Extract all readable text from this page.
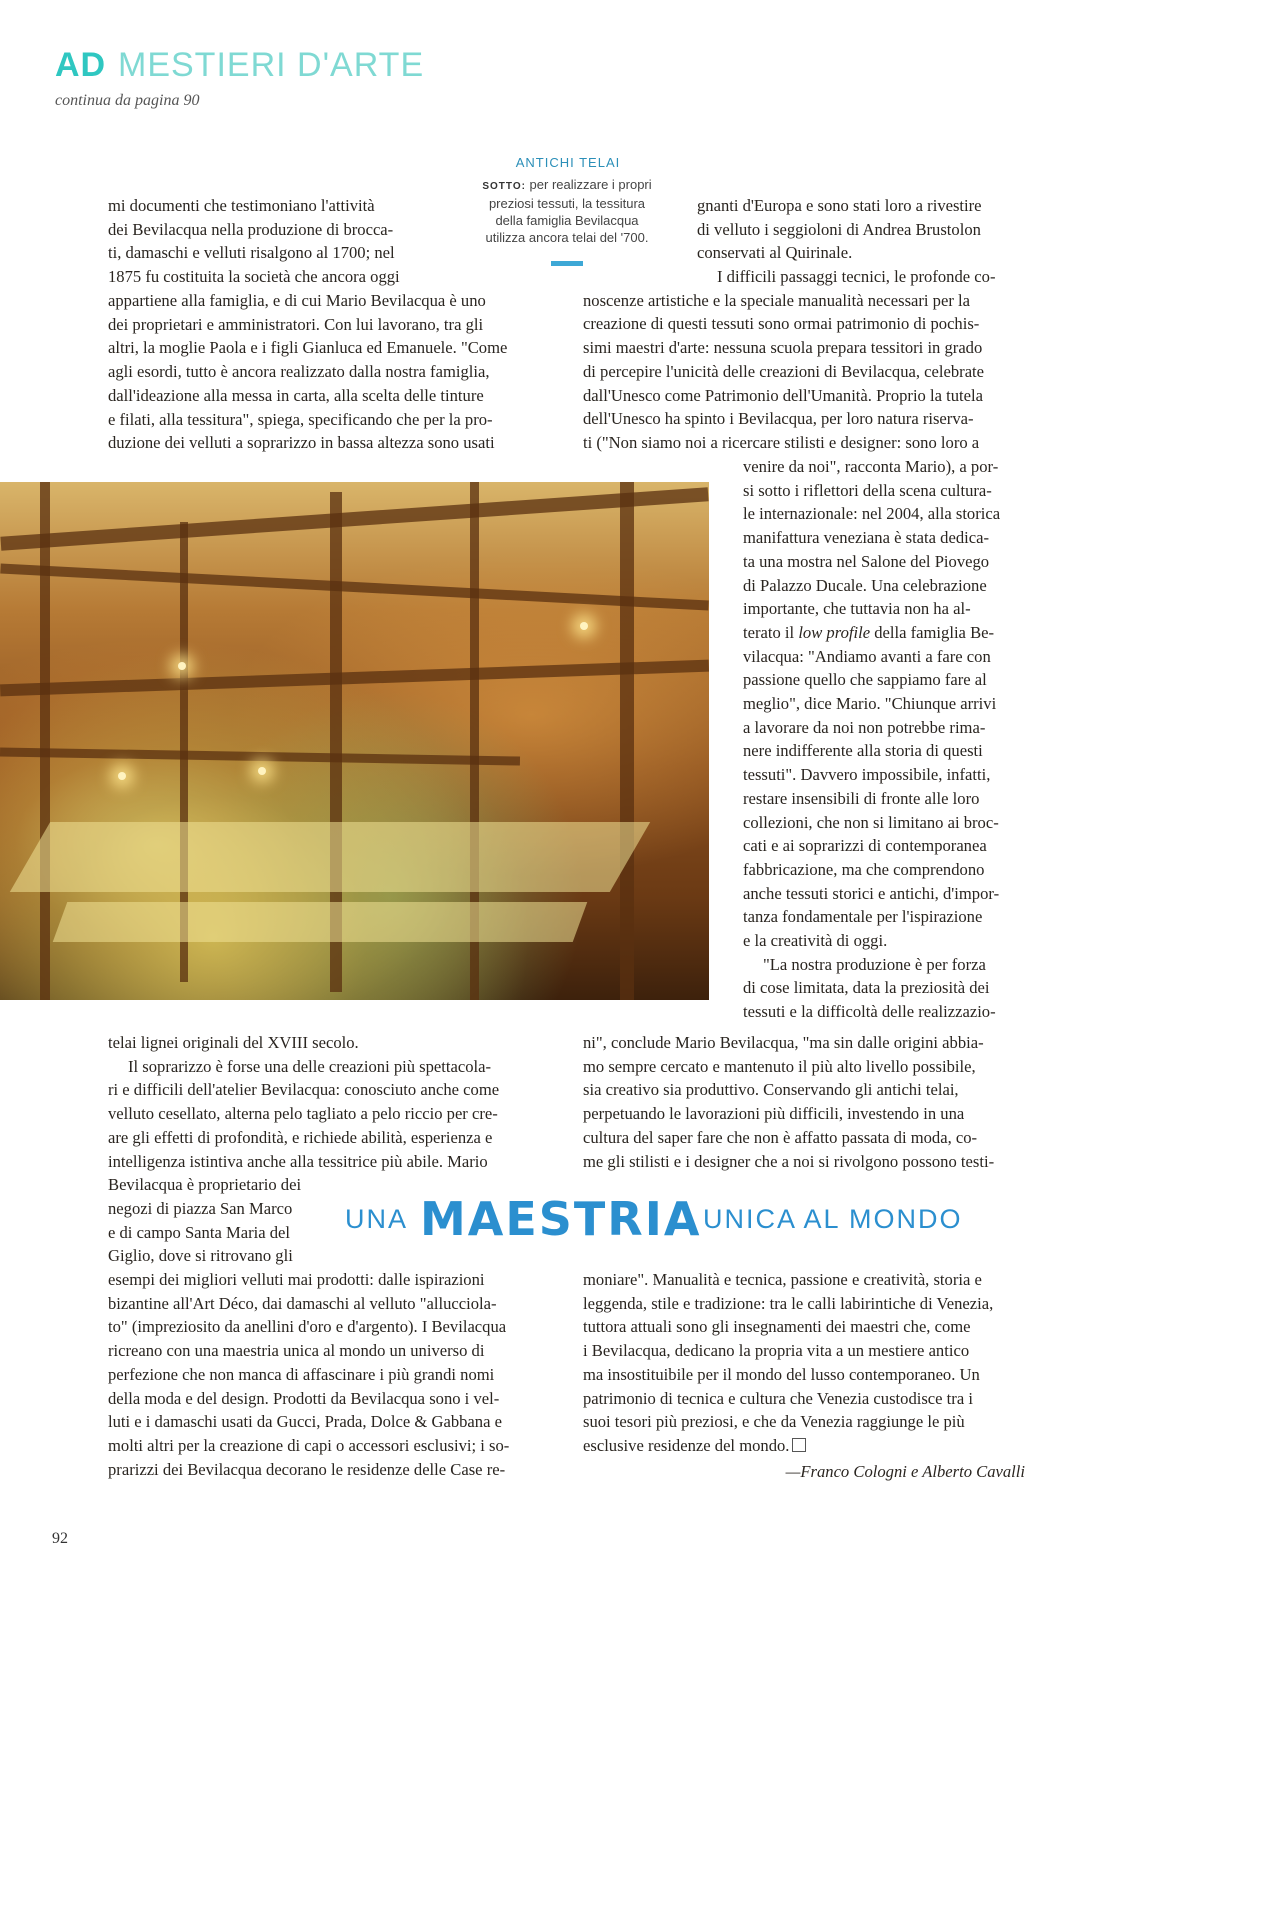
AD MESTIERI D'ARTE
continua da pagina 90
ANTICHI TELAI
SOTTO: per realizzare i propri
preziosi tessuti, la tessitura
della famiglia Bevilacqua
utilizza ancora telai del '700.
mi documenti che testimoniano l'attività
dei Bevilacqua nella produzione di brocca-
ti, damaschi e velluti risalgono al 1700; nel
1875 fu costituita la società che ancora oggi
appartiene alla famiglia, e di cui Mario Bevilacqua è uno
dei proprietari e amministratori. Con lui lavorano, tra gli
altri, la moglie Paola e i figli Gianluca ed Emanuele. "Come
agli esordi, tutto è ancora realizzato dalla nostra famiglia,
dall'ideazione alla messa in carta, alla scelta delle tinture
e filati, alla tessitura", spiega, specificando che per la pro-
duzione dei velluti a soprarizzo in bassa altezza sono usati
gnanti d'Europa e sono stati loro a rivestire
di velluto i seggioloni di Andrea Brustolon
conservati al Quirinale.
I difficili passaggi tecnici, le profonde co-
noscenze artistiche e la speciale manualità necessari per la
creazione di questi tessuti sono ormai patrimonio di pochis-
simi maestri d'arte: nessuna scuola prepara tessitori in grado
di percepire l'unicità delle creazioni di Bevilacqua, celebrate
dall'Unesco come Patrimonio dell'Umanità. Proprio la tutela
dell'Unesco ha spinto i Bevilacqua, per loro natura riserva-
ti ("Non siamo noi a ricercare stilisti e designer: sono loro a
venire da noi", racconta Mario), a por-
si sotto i riflettori della scena cultura-
le internazionale: nel 2004, alla storica
manifattura veneziana è stata dedica-
ta una mostra nel Salone del Piovego
di Palazzo Ducale. Una celebrazione
importante, che tuttavia non ha al-
terato il low profile della famiglia Be-
vilacqua: "Andiamo avanti a fare con
passione quello che sappiamo fare al
meglio", dice Mario. "Chiunque arrivi
a lavorare da noi non potrebbe rima-
nere indifferente alla storia di questi
tessuti". Davvero impossibile, infatti,
restare insensibili di fronte alle loro
collezioni, che non si limitano ai broc-
cati e ai soprarizzi di contemporanea
fabbricazione, ma che comprendono
anche tessuti storici e antichi, d'impor-
tanza fondamentale per l'ispirazione
e la creatività di oggi.
"La nostra produzione è per forza
di cose limitata, data la preziosità dei
tessuti e la difficoltà delle realizzazio-
telai lignei originali del XVIII secolo.
Il soprarizzo è forse una delle creazioni più spettacola-
ri e difficili dell'atelier Bevilacqua: conosciuto anche come
velluto cesellato, alterna pelo tagliato a pelo riccio per cre-
are gli effetti di profondità, e richiede abilità, esperienza e
intelligenza istintiva anche alla tessitrice più abile. Mario
Bevilacqua è proprietario dei
negozi di piazza San Marco
e di campo Santa Maria del
Giglio, dove si ritrovano gli
esempi dei migliori velluti mai prodotti: dalle ispirazioni
bizantine all'Art Déco, dai damaschi al velluto "allucciola-
to" (impreziosito da anellini d'oro e d'argento). I Bevilacqua
ricreano con una maestria unica al mondo un universo di
perfezione che non manca di affascinare i più grandi nomi
della moda e del design. Prodotti da Bevilacqua sono i vel-
luti e i damaschi usati da Gucci, Prada, Dolce & Gabbana e
molti altri per la creazione di capi o accessori esclusivi; i so-
prarizzi dei Bevilacqua decorano le residenze delle Case re-
ni", conclude Mario Bevilacqua, "ma sin dalle origini abbia-
mo sempre cercato e mantenuto il più alto livello possibile,
sia creativo sia produttivo. Conservando gli antichi telai,
perpetuando le lavorazioni più difficili, investendo in una
cultura del saper fare che non è affatto passata di moda, co-
me gli stilisti e i designer che a noi si rivolgono possono testi-
UNA MAESTRIA UNICA AL MONDO
moniare". Manualità e tecnica, passione e creatività, storia e
leggenda, stile e tradizione: tra le calli labirintiche di Venezia,
tuttora attuali sono gli insegnamenti dei maestri che, come
i Bevilacqua, dedicano la propria vita a un mestiere antico
ma insostituibile per il mondo del lusso contemporaneo. Un
patrimonio di tecnica e cultura che Venezia custodisce tra i
suoi tesori più preziosi, e che da Venezia raggiunge le più
esclusive residenze del mondo.
—Franco Cologni e Alberto Cavalli
92
